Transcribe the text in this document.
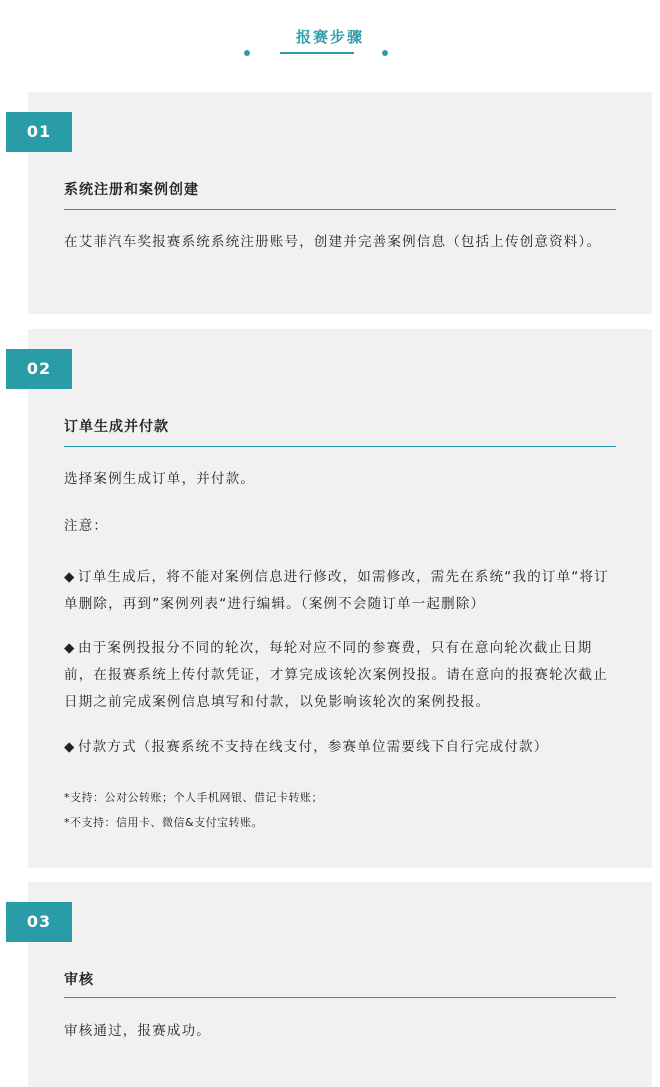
报赛步骤
01
系统注册和案例创建
在艾菲汽车奖报赛系统系统注册账号，创建并完善案例信息（包括上传创意资料）。
02
订单生成并付款
选择案例生成订单，并付款。
注意：
◆ 订单生成后，将不能对案例信息进行修改，如需修改，需先在系统“我的订单“将订单删除，再到”案例列表“进行编辑。（案例不会随订单一起删除）
◆ 由于案例投报分不同的轮次，每轮对应不同的参赛费，只有在意向轮次截止日期前，在报赛系统上传付款凭证，才算完成该轮次案例投报。请在意向的报赛轮次截止日期之前完成案例信息填写和付款，以免影响该轮次的案例投报。
◆ 付款方式（报赛系统不支持在线支付，参赛单位需要线下自行完成付款）
*支持：公对公转账；个人手机网银、借记卡转账；
*不支持：信用卡、微信&支付宝转账。
03
审核
审核通过，报赛成功。
